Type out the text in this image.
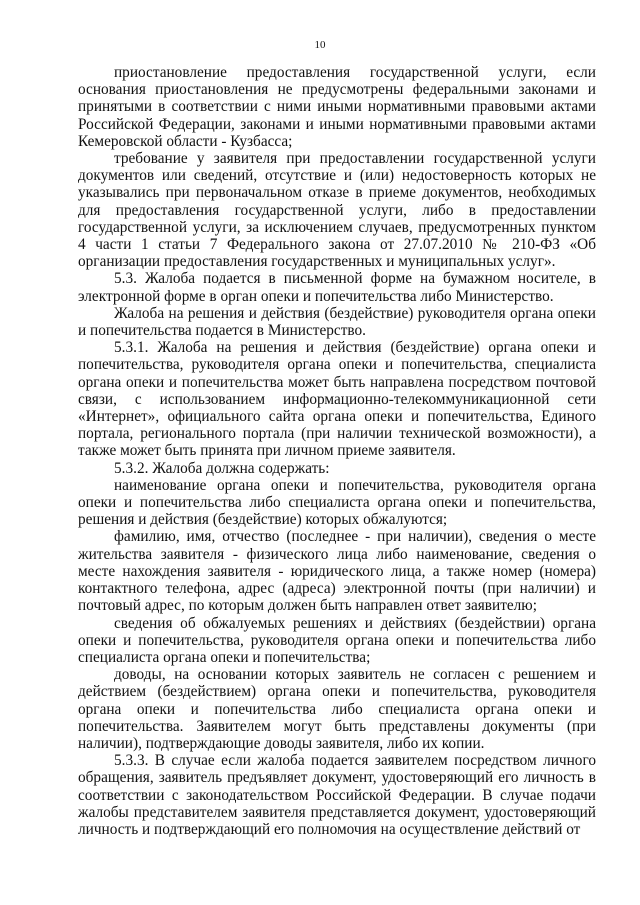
10

приостановление предоставления государственной услуги, если основания приостановления не предусмотрены федеральными законами и принятыми в соответствии с ними иными нормативными правовыми актами Российской Федерации, законами и иными нормативными правовыми актами Кемеровской области - Кузбасса;

требование у заявителя при предоставлении государственной услуги документов или сведений, отсутствие и (или) недостоверность которых не указывались при первоначальном отказе в приеме документов, необходимых для предоставления государственной услуги, либо в предоставлении государственной услуги, за исключением случаев, предусмотренных пунктом 4 части 1 статьи 7 Федерального закона от 27.07.2010 № 210-ФЗ «Об организации предоставления государственных и муниципальных услуг».

5.3. Жалоба подается в письменной форме на бумажном носителе, в электронной форме в орган опеки и попечительства либо Министерство.

Жалоба на решения и действия (бездействие) руководителя органа опеки и попечительства подается в Министерство.

5.3.1. Жалоба на решения и действия (бездействие) органа опеки и попечительства, руководителя органа опеки и попечительства, специалиста органа опеки и попечительства может быть направлена посредством почтовой связи, с использованием информационно-телекоммуникационной сети «Интернет», официального сайта органа опеки и попечительства, Единого портала, регионального портала (при наличии технической возможности), а также может быть принята при личном приеме заявителя.

5.3.2. Жалоба должна содержать:

наименование органа опеки и попечительства, руководителя органа опеки и попечительства либо специалиста органа опеки и попечительства, решения и действия (бездействие) которых обжалуются;

фамилию, имя, отчество (последнее - при наличии), сведения о месте жительства заявителя - физического лица либо наименование, сведения о месте нахождения заявителя - юридического лица, а также номер (номера) контактного телефона, адрес (адреса) электронной почты (при наличии) и почтовый адрес, по которым должен быть направлен ответ заявителю;

сведения об обжалуемых решениях и действиях (бездействии) органа опеки и попечительства, руководителя органа опеки и попечительства либо специалиста органа опеки и попечительства;

доводы, на основании которых заявитель не согласен с решением и действием (бездействием) органа опеки и попечительства, руководителя органа опеки и попечительства либо специалиста органа опеки и попечительства. Заявителем могут быть представлены документы (при наличии), подтверждающие доводы заявителя, либо их копии.

5.3.3. В случае если жалоба подается заявителем посредством личного обращения, заявитель предъявляет документ, удостоверяющий его личность в соответствии с законодательством Российской Федерации. В случае подачи жалобы представителем заявителя представляется документ, удостоверяющий личность и подтверждающий его полномочия на осуществление действий от
